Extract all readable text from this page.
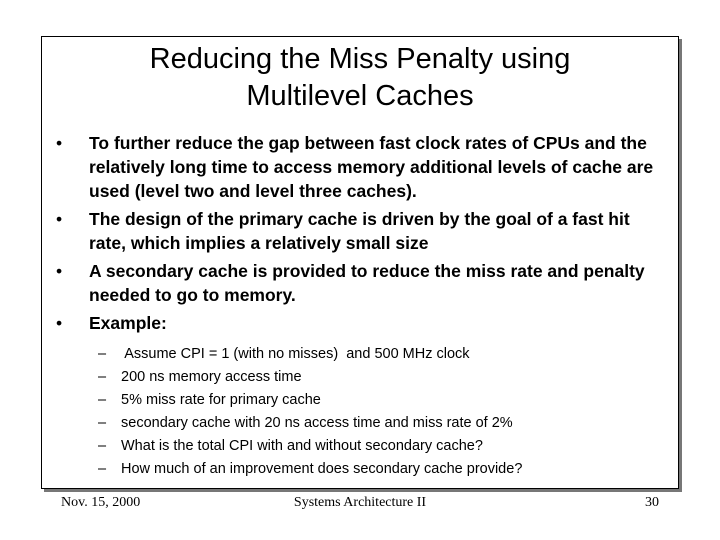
Reducing the Miss Penalty using
Multilevel Caches
•	To further reduce the gap between fast clock rates of CPUs and the relatively long time to access memory additional levels of cache are used (level two and level three caches).
•	The design of the primary cache is driven by the goal of a fast hit rate, which implies a relatively small size
•	A secondary cache is provided to reduce the miss rate and penalty needed to go to memory.
•	Example:
– Assume CPI = 1 (with no misses)  and 500 MHz clock
– 200 ns memory access time
– 5% miss rate for primary cache
– secondary cache with 20 ns access time and miss rate of 2%
– What is the total CPI with and without secondary cache?
– How much of an improvement does secondary cache provide?
Nov. 15, 2000	Systems Architecture II	30
